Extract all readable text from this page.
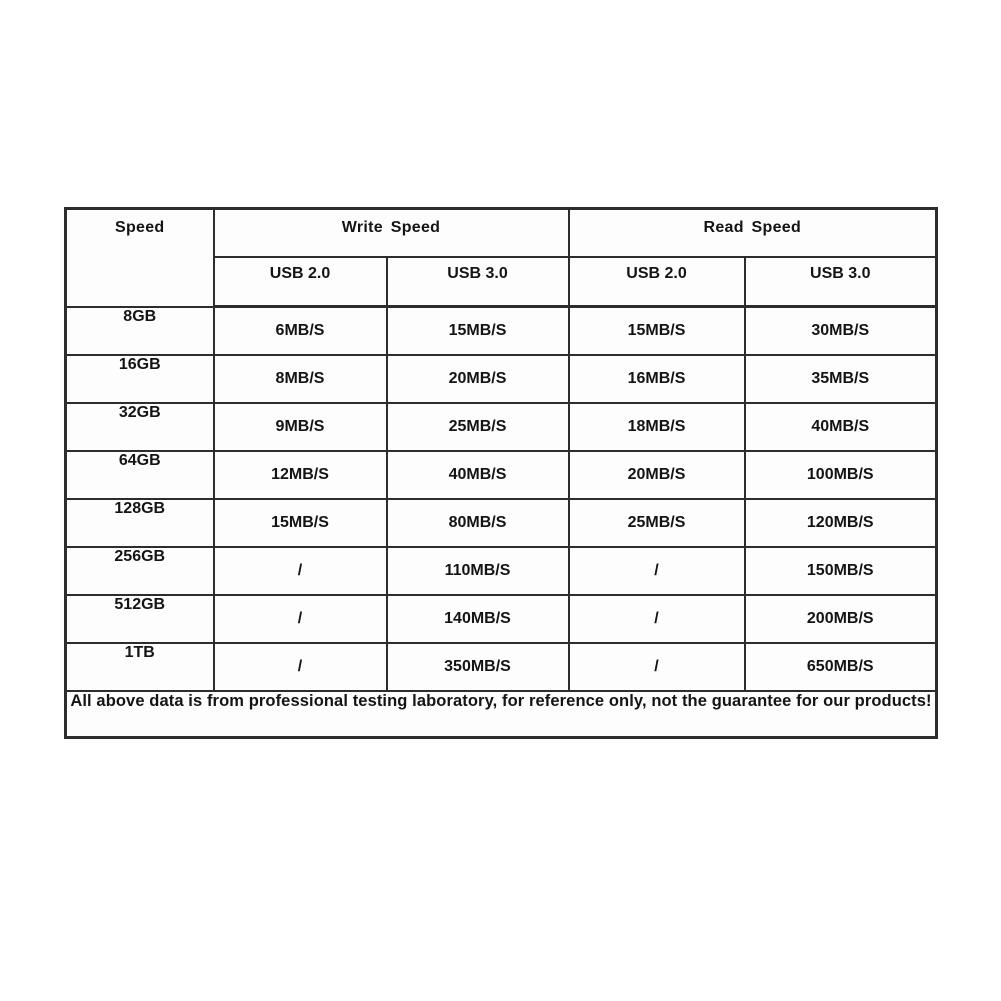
Speed	Write Speed		Read Speed	
	USB 2.0	USB 3.0	USB 2.0	USB 3.0
8GB	6MB/S	15MB/S	15MB/S	30MB/S
16GB	8MB/S	20MB/S	16MB/S	35MB/S
32GB	9MB/S	25MB/S	18MB/S	40MB/S
64GB	12MB/S	40MB/S	20MB/S	100MB/S
128GB	15MB/S	80MB/S	25MB/S	120MB/S
256GB	/	110MB/S	/	150MB/S
512GB	/	140MB/S	/	200MB/S
1TB	/	350MB/S	/	650MB/S
All above data is from professional testing laboratory, for reference only, not the guarantee for our products!				
